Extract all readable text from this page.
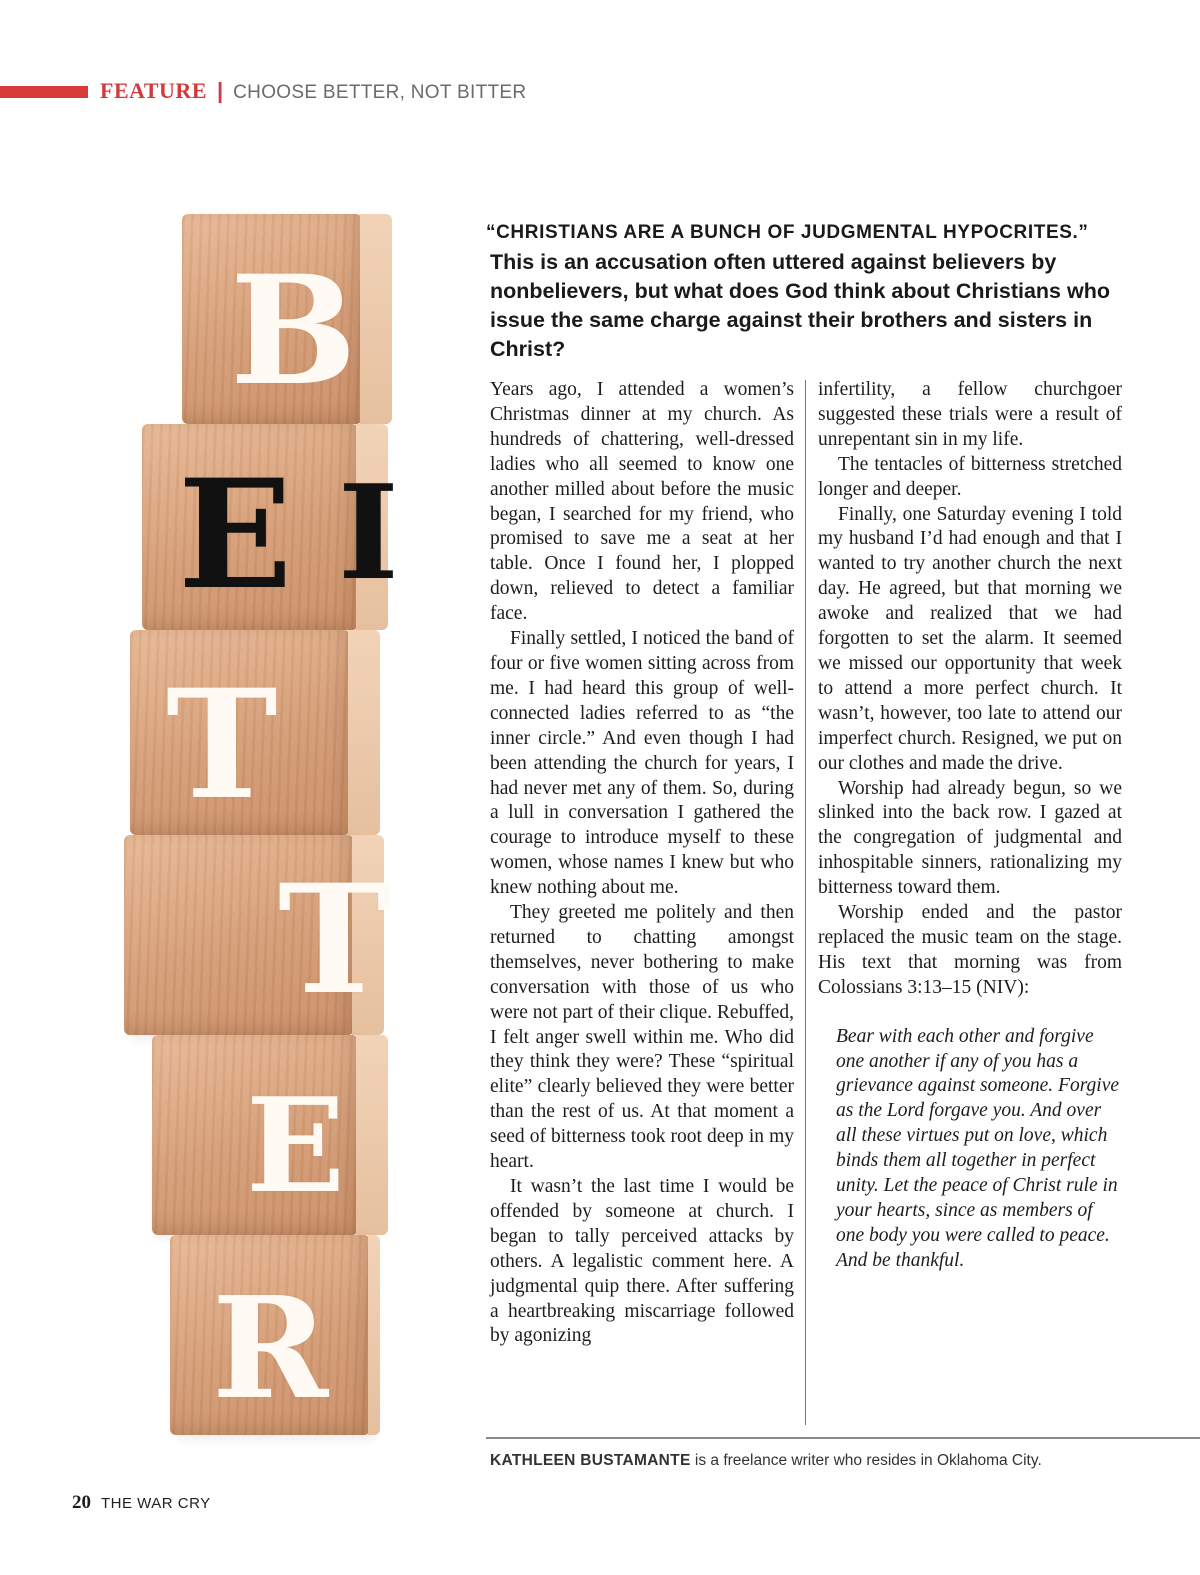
FEATURE | CHOOSE BETTER, NOT BITTER
B
E I
T
T
E
R
“CHRISTIANS ARE A BUNCH OF JUDGMENTAL HYPOCRITES.”
This is an accusation often uttered against believers by nonbelievers, but what does God think about Christians who issue the same charge against their brothers and sisters in Christ?

Years ago, I attended a women’s Christmas dinner at my church. As hundreds of chattering, well-dressed ladies who all seemed to know one another milled about before the music began, I searched for my friend, who promised to save me a seat at her table. Once I found her, I plopped down, relieved to detect a familiar face.

Finally settled, I noticed the band of four or five women sitting across from me. I had heard this group of well-connected ladies referred to as “the inner circle.” And even though I had been attending the church for years, I had never met any of them. So, during a lull in conversation I gathered the courage to introduce myself to these women, whose names I knew but who knew nothing about me.

They greeted me politely and then returned to chatting amongst themselves, never bothering to make conversation with those of us who were not part of their clique. Rebuffed, I felt anger swell within me. Who did they think they were? These “spiritual elite” clearly believed they were better than the rest of us. At that moment a seed of bitterness took root deep in my heart.

It wasn’t the last time I would be offended by someone at church. I began to tally perceived attacks by others. A legalistic comment here. A judgmental quip there. After suffering a heartbreaking miscarriage followed by agonizing

infertility, a fellow churchgoer suggested these trials were a result of unrepentant sin in my life.

The tentacles of bitterness stretched longer and deeper.

Finally, one Saturday evening I told my husband I’d had enough and that I wanted to try another church the next day. He agreed, but that morning we awoke and realized that we had forgotten to set the alarm. It seemed we missed our opportunity that week to attend a more perfect church. It wasn’t, however, too late to attend our imperfect church. Resigned, we put on our clothes and made the drive.

Worship had already begun, so we slinked into the back row. I gazed at the congregation of judgmental and inhospitable sinners, rationalizing my bitterness toward them.

Worship ended and the pastor replaced the music team on the stage. His text that morning was from Colossians 3:13–15 (NIV):

Bear with each other and forgive one another if any of you has a grievance against someone. Forgive as the Lord forgave you. And over all these virtues put on love, which binds them all together in perfect unity. Let the peace of Christ rule in your hearts, since as members of one body you were called to peace. And be thankful.
KATHLEEN BUSTAMANTE is a freelance writer who resides in Oklahoma City.
20 THE WAR CRY
